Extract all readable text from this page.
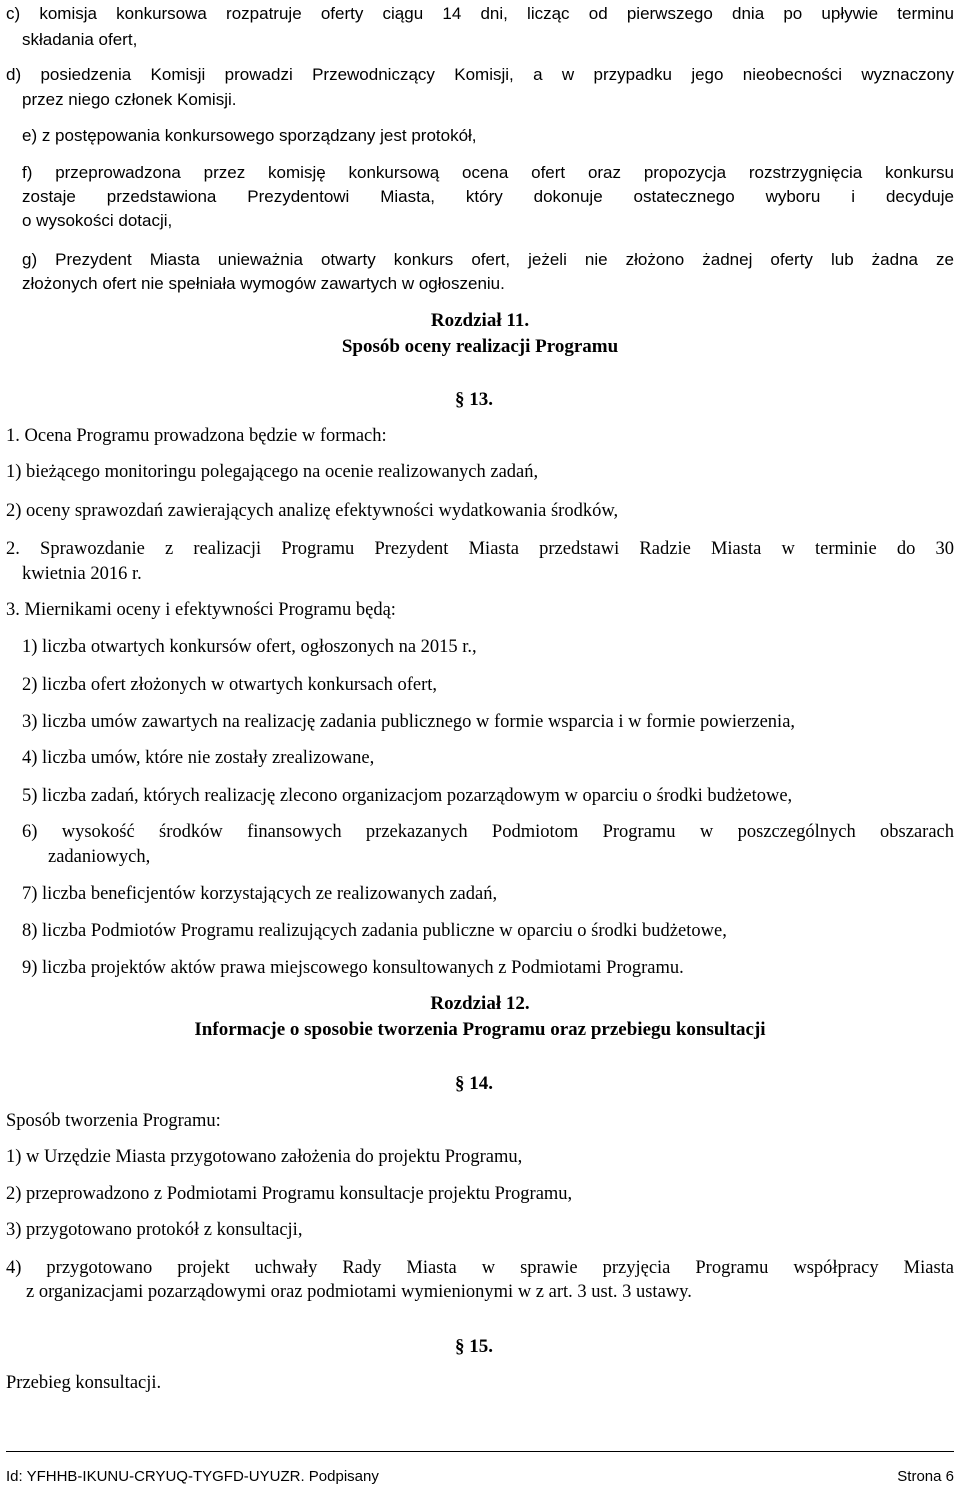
c) komisja konkursowa rozpatruje oferty ciągu 14 dni, licząc od pierwszego dnia po upływie terminu
składania ofert,
d) posiedzenia Komisji prowadzi Przewodniczący Komisji, a w przypadku jego nieobecności wyznaczony
przez niego członek Komisji.
e) z postępowania konkursowego sporządzany jest protokół,
f) przeprowadzona przez komisję konkursową ocena ofert oraz propozycja rozstrzygnięcia konkursu
zostaje przedstawiona Prezydentowi Miasta, który dokonuje ostatecznego wyboru i decyduje
o wysokości dotacji,
g) Prezydent Miasta unieważnia otwarty konkurs ofert, jeżeli nie złożono żadnej oferty lub żadna ze
złożonych ofert nie spełniała wymogów zawartych w ogłoszeniu.
Rozdział 11.
Sposób oceny realizacji Programu
§ 13.
1. Ocena Programu prowadzona będzie w formach:
1) bieżącego monitoringu polegającego na ocenie realizowanych zadań,
2) oceny sprawozdań zawierających analizę efektywności wydatkowania środków,
2. Sprawozdanie z realizacji Programu Prezydent Miasta przedstawi Radzie Miasta w terminie do 30
kwietnia 2016 r.
3. Miernikami oceny i efektywności Programu będą:
1) liczba otwartych konkursów ofert, ogłoszonych na 2015 r.,
2) liczba ofert złożonych w otwartych konkursach ofert,
3) liczba umów zawartych na realizację zadania publicznego w formie wsparcia i w formie powierzenia,
4) liczba umów, które nie zostały zrealizowane,
5) liczba zadań, których realizację zlecono organizacjom pozarządowym w oparciu o środki budżetowe,
6) wysokość środków finansowych przekazanych Podmiotom Programu w poszczególnych obszarach
zadaniowych,
7) liczba beneficjentów korzystających ze realizowanych zadań,
8) liczba Podmiotów Programu realizujących zadania publiczne w oparciu o środki budżetowe,
9) liczba projektów aktów prawa miejscowego konsultowanych z Podmiotami Programu.
Rozdział 12.
Informacje o sposobie tworzenia Programu oraz przebiegu konsultacji
§ 14.
Sposób tworzenia Programu:
1) w Urzędzie Miasta przygotowano założenia do projektu Programu,
2) przeprowadzono z Podmiotami Programu konsultacje projektu Programu,
3) przygotowano protokół z konsultacji,
4) przygotowano projekt uchwały Rady Miasta w sprawie przyjęcia Programu współpracy Miasta
z organizacjami pozarządowymi oraz podmiotami wymienionymi w z art. 3 ust. 3 ustawy.
§ 15.
Przebieg konsultacji.
Id: YFHHB-IKUNU-CRYUQ-TYGFD-UYUZR. Podpisany	Strona 6
